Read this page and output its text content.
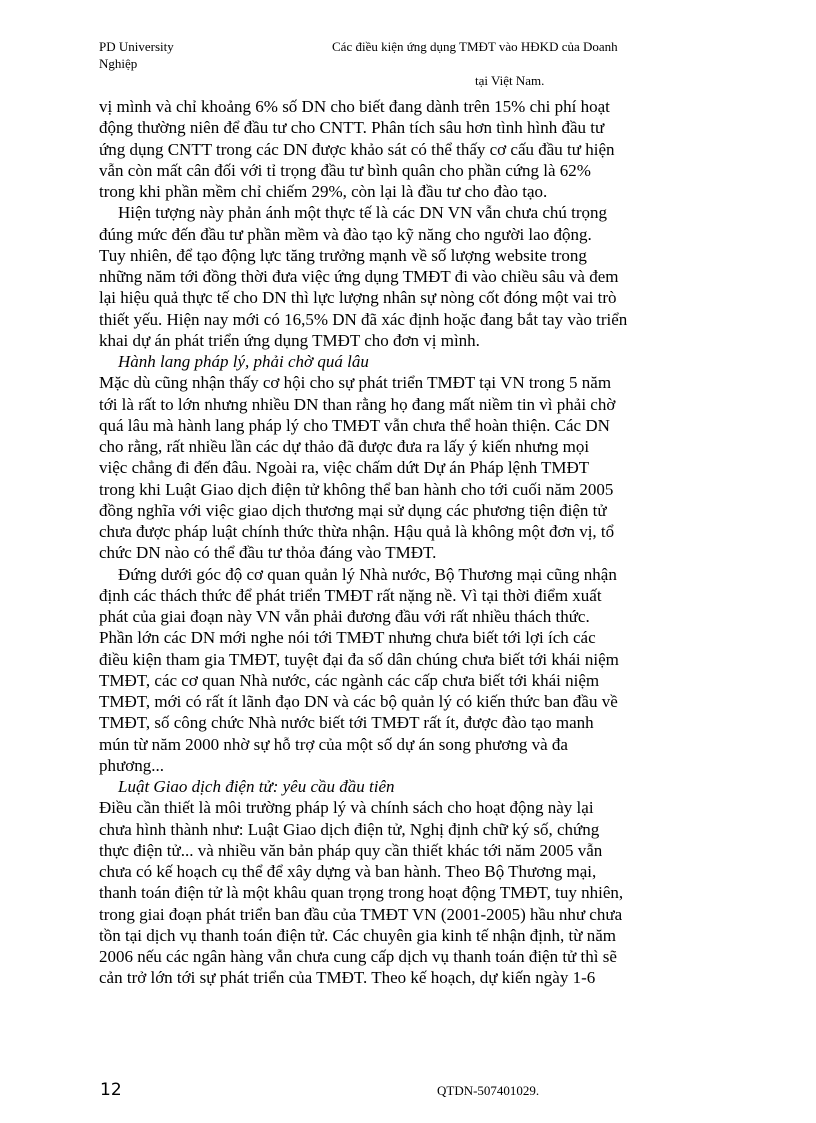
PD University
Nghiệp
Các điều kiện ứng dụng TMĐT vào HĐKD của Doanh
tại Việt Nam.
vị mình và chỉ khoảng 6% số DN cho biết đang dành trên 15% chi phí hoạt
động thường niên để đầu tư cho CNTT. Phân tích sâu hơn tình hình đầu tư
ứng dụng CNTT trong các DN được khảo sát có thể thấy cơ cấu đầu tư hiện
vẫn còn mất cân đối với tỉ trọng đầu tư bình quân cho phần cứng là 62%
trong khi phần mềm chỉ chiếm 29%, còn lại là đầu tư cho đào tạo.
Hiện tượng này phản ánh một thực tế là các DN VN vẫn chưa chú trọng
đúng mức đến đầu tư phần mềm và đào tạo kỹ năng cho người lao động.
Tuy nhiên, để tạo động lực tăng trưởng mạnh về số lượng website trong
những năm tới đồng thời đưa việc ứng dụng TMĐT đi vào chiều sâu và đem
lại hiệu quả thực tế cho DN thì lực lượng nhân sự nòng cốt đóng một vai trò
thiết yếu. Hiện nay mới có 16,5% DN đã xác định hoặc đang bắt tay vào triển
khai dự án phát triển ứng dụng TMĐT cho đơn vị mình.
Hành lang pháp lý, phải chờ quá lâu
Mặc dù cũng nhận thấy cơ hội cho sự phát triển TMĐT tại VN trong 5 năm
tới là rất to lớn nhưng nhiều DN than rằng họ đang mất niềm tin vì phải chờ
quá lâu mà hành lang pháp lý cho TMĐT vẫn chưa thể hoàn thiện. Các DN
cho rằng, rất nhiều lần các dự thảo đã được đưa ra lấy ý kiến nhưng mọi
việc chẳng đi đến đâu. Ngoài ra, việc chấm dứt Dự án Pháp lệnh TMĐT
trong khi Luật Giao dịch điện tử không thể ban hành cho tới cuối năm 2005
đồng nghĩa với việc giao dịch thương mại sử dụng các phương tiện điện tử
chưa được pháp luật chính thức thừa nhận. Hậu quả là không một đơn vị, tổ
chức DN nào có thể đầu tư thỏa đáng vào TMĐT.
Đứng dưới góc độ cơ quan quản lý Nhà nước, Bộ Thương mại cũng nhận
định các thách thức để phát triển TMĐT rất nặng nề. Vì tại thời điểm xuất
phát của giai đoạn này VN vẫn phải đương đầu với rất nhiều thách thức.
Phần lớn các DN mới nghe nói tới TMĐT nhưng chưa biết tới lợi ích các
điều kiện tham gia TMĐT, tuyệt đại đa số dân chúng chưa biết tới khái niệm
TMĐT, các cơ quan Nhà nước, các ngành các cấp chưa biết tới khái niệm
TMĐT, mới có rất ít lãnh đạo DN và các bộ quản lý có kiến thức ban đầu về
TMĐT, số công chức Nhà nước biết tới TMĐT rất ít, được đào tạo manh
mún từ năm 2000 nhờ sự hỗ trợ của một số dự án song phương và đa
phương...
Luật Giao dịch điện tử: yêu cầu đầu tiên
Điều cần thiết là môi trường pháp lý và chính sách cho hoạt động này lại
chưa hình thành như: Luật Giao dịch điện tử, Nghị định chữ ký số, chứng
thực điện tử... và nhiều văn bản pháp quy cần thiết khác tới năm 2005 vẫn
chưa có kế hoạch cụ thể để xây dựng và ban hành. Theo Bộ Thương mại,
thanh toán điện tử là một khâu quan trọng trong hoạt động TMĐT, tuy nhiên,
trong giai đoạn phát triển ban đầu của TMĐT VN (2001-2005) hầu như chưa
tồn tại dịch vụ thanh toán điện tử. Các chuyên gia kinh tế nhận định, từ năm
2006 nếu các ngân hàng vẫn chưa cung cấp dịch vụ thanh toán điện tử thì sẽ
cản trở lớn tới sự phát triển của TMĐT. Theo kế hoạch, dự kiến ngày 1-6
12	QTDN-507401029.
